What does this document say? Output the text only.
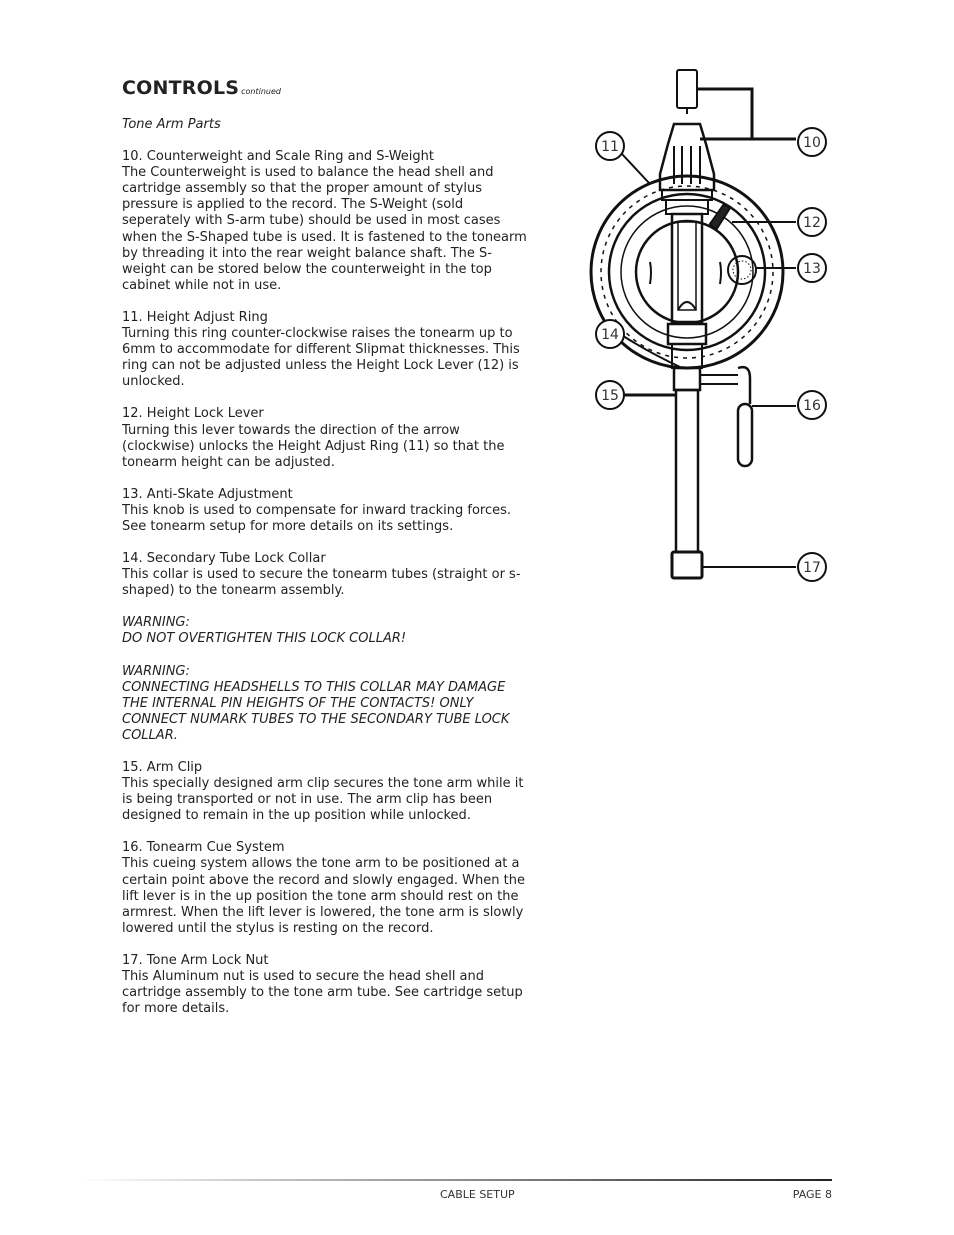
CONTROLS continued
Tone Arm Parts

10. Counterweight and Scale Ring and S-Weight

The Counterweight is used to balance the head shell and cartridge assembly so that the proper amount of stylus pressure is applied to the record. The S-Weight (sold seperately with S-arm tube) should be used in most cases when the S-Shaped tube is used. It is fastened to the tonearm by threading it into the rear weight balance shaft. The S-weight can be stored below the counterweight in the top cabinet while not in use.

11. Height Adjust Ring

Turning this ring counter-clockwise raises the tonearm up to 6mm to accommodate for different Slipmat thicknesses. This ring can not be adjusted unless the Height Lock Lever (12) is unlocked.

12. Height Lock Lever

Turning this lever towards the direction of the arrow (clockwise) unlocks the Height Adjust Ring (11) so that the tonearm height can be adjusted.

13. Anti-Skate Adjustment

This knob is used to compensate for inward tracking forces. See tonearm setup for more details on its settings.

14. Secondary Tube Lock Collar

This collar is used to secure the tonearm tubes (straight or s-shaped) to the tonearm assembly.

WARNING:

DO NOT OVERTIGHTEN THIS LOCK COLLAR!

WARNING:

CONNECTING HEADSHELLS TO THIS COLLAR MAY DAMAGE THE INTERNAL PIN HEIGHTS OF THE CONTACTS! ONLY CONNECT NUMARK TUBES TO THE SECONDARY TUBE LOCK COLLAR.

15. Arm Clip

This specially designed arm clip secures the tone arm while it is being transported or not in use. The arm clip has been designed to remain in the up position while unlocked.

16. Tonearm Cue System

This cueing system allows the tone arm to be positioned at a certain point above the record and slowly engaged. When the lift lever is in the up position the tone arm should rest on the armrest. When the lift lever is lowered, the tone arm is slowly lowered until the stylus is resting on the record.

17. Tone Arm Lock Nut

This Aluminum nut is used to secure the head shell and cartridge assembly to the tone arm tube. See cartridge setup for more details.

10
11
12
13
14
15
16
17
CABLE SETUP	PAGE 8
